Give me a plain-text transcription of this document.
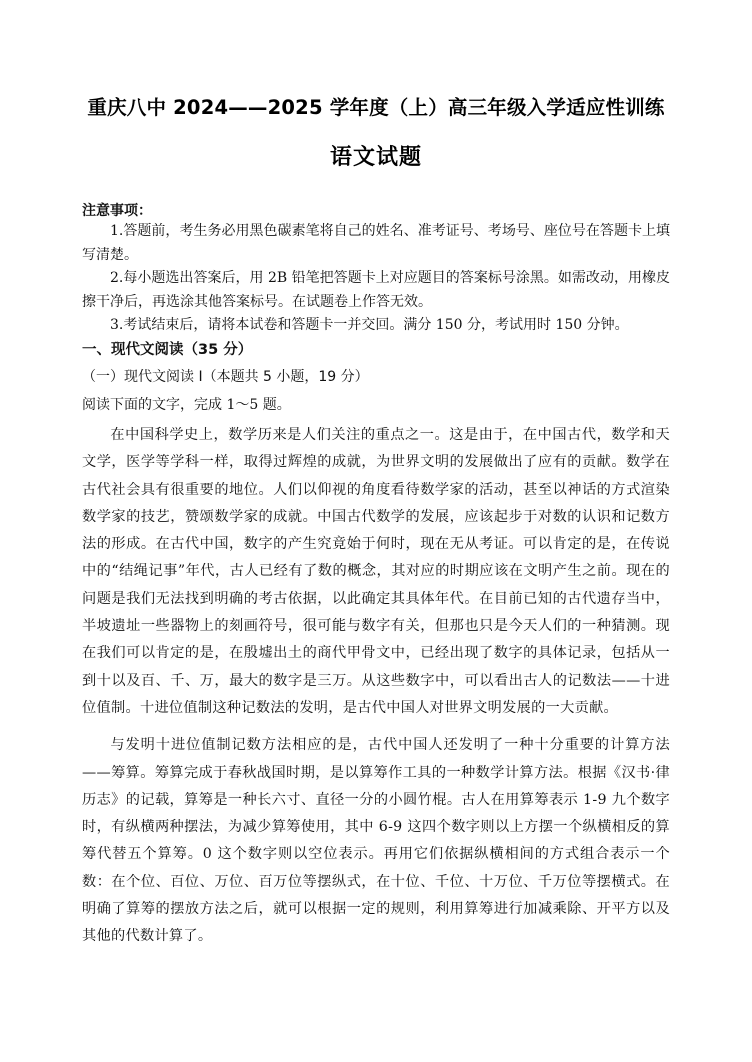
重庆八中 2024——2025 学年度（上）高三年级入学适应性训练
语文试题
注意事项：

1.答题前，考生务必用黑色碳素笔将自己的姓名、准考证号、考场号、座位号在答题卡上填写清楚。

2.每小题选出答案后，用 2B 铅笔把答题卡上对应题目的答案标号涂黑。如需改动，用橡皮擦干净后，再选涂其他答案标号。在试题卷上作答无效。

3.考试结束后，请将本试卷和答题卡一并交回。满分 150 分，考试用时 150 分钟。

一、现代文阅读（35 分）
（一）现代文阅读 I（本题共 5 小题，19 分）
阅读下面的文字，完成 1～5 题。

在中国科学史上，数学历来是人们关注的重点之一。这是由于，在中国古代，数学和天文学，医学等学科一样，取得过辉煌的成就，为世界文明的发展做出了应有的贡献。数学在古代社会具有很重要的地位。人们以仰视的角度看待数学家的活动，甚至以神话的方式渲染数学家的技艺，赞颂数学家的成就。中国古代数学的发展，应该起步于对数的认识和记数方法的形成。在古代中国，数字的产生究竟始于何时，现在无从考证。可以肯定的是，在传说中的“结绳记事”年代，古人已经有了数的概念，其对应的时期应该在文明产生之前。现在的问题是我们无法找到明确的考古依据，以此确定其具体年代。在目前已知的古代遗存当中，半坡遗址一些器物上的刻画符号，很可能与数字有关，但那也只是今天人们的一种猜测。现在我们可以肯定的是，在殷墟出土的商代甲骨文中，已经出现了数字的具体记录，包括从一到十以及百、千、万，最大的数字是三万。从这些数字中，可以看出古人的记数法——十进位值制。十进位值制这种记数法的发明，是古代中国人对世界文明发展的一大贡献。

与发明十进位值制记数方法相应的是，古代中国人还发明了一种十分重要的计算方法——筹算。筹算完成于春秋战国时期，是以算筹作工具的一种数学计算方法。根据《汉书·律历志》的记载，算筹是一种长六寸、直径一分的小圆竹棍。古人在用算筹表示 1-9 九个数字时，有纵横两种摆法，为减少算筹使用，其中 6-9 这四个数字则以上方摆一个纵横相反的算筹代替五个算筹。0 这个数字则以空位表示。再用它们依据纵横相间的方式组合表示一个数：在个位、百位、万位、百万位等摆纵式，在十位、千位、十万位、千万位等摆横式。在明确了算筹的摆放方法之后，就可以根据一定的规则，利用算筹进行加减乘除、开平方以及其他的代数计算了。
